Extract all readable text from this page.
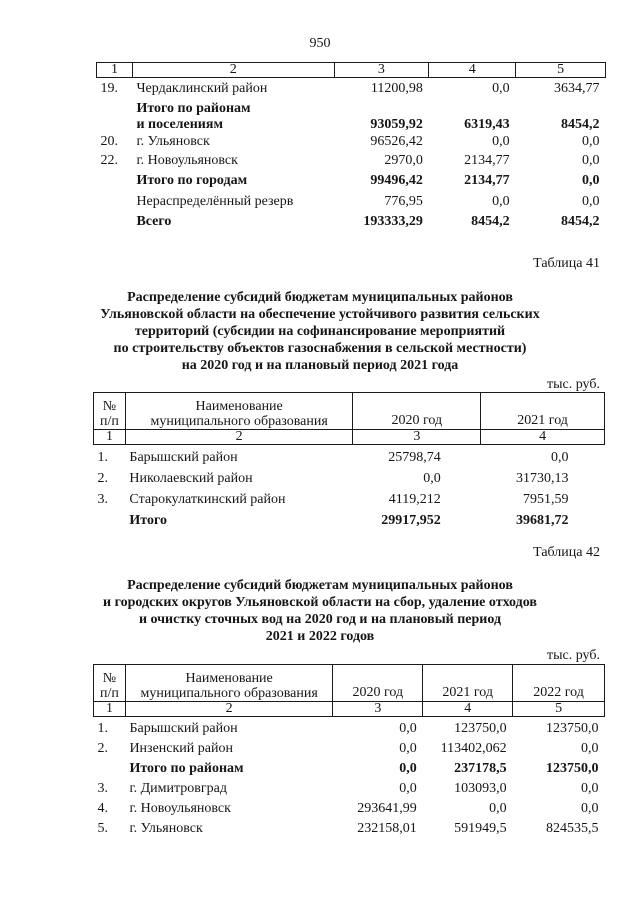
950
1	2	3	4	5
19.	Чердаклинский район	11200,98	0,0	3634,77
	Итого по районам
и поселениям	93059,92	6319,43	8454,2
20.	г. Ульяновск	96526,42	0,0	0,0
22.	г. Новоульяновск	2970,0	2134,77	0,0
	Итого по городам	99496,42	2134,77	0,0
	Нераспределённый резерв	776,95	0,0	0,0
	Всего	193333,29	8454,2	8454,2
Таблица 41
Распределение субсидий бюджетам муниципальных районов
Ульяновской области на обеспечение устойчивого развития сельских
территорий (субсидии на софинансирование мероприятий
по строительству объектов газоснабжения в сельской местности)
на 2020 год и на плановый период 2021 года
тыс. руб.
№
п/п	Наименование
муниципального образования	2020 год	2021 год
1	2	3	4
1.	Барышский район	25798,74	0,0
2.	Николаевский район	0,0	31730,13
3.	Старокулаткинский район	4119,212	7951,59
	Итого	29917,952	39681,72
Таблица 42
Распределение субсидий бюджетам муниципальных районов
и городских округов Ульяновской области на сбор, удаление отходов
и очистку сточных вод на 2020 год и на плановый период
2021 и 2022 годов
тыс. руб.
№
п/п	Наименование
муниципального образования	2020 год	2021 год	2022 год
1	2	3	4	5
1.	Барышский район	0,0	123750,0	123750,0
2.	Инзенский район	0,0	113402,062	0,0
	Итого по районам	0,0	237178,5	123750,0
3.	г. Димитровград	0,0	103093,0	0,0
4.	г. Новоульяновск	293641,99	0,0	0,0
5.	г. Ульяновск	232158,01	591949,5	824535,5
